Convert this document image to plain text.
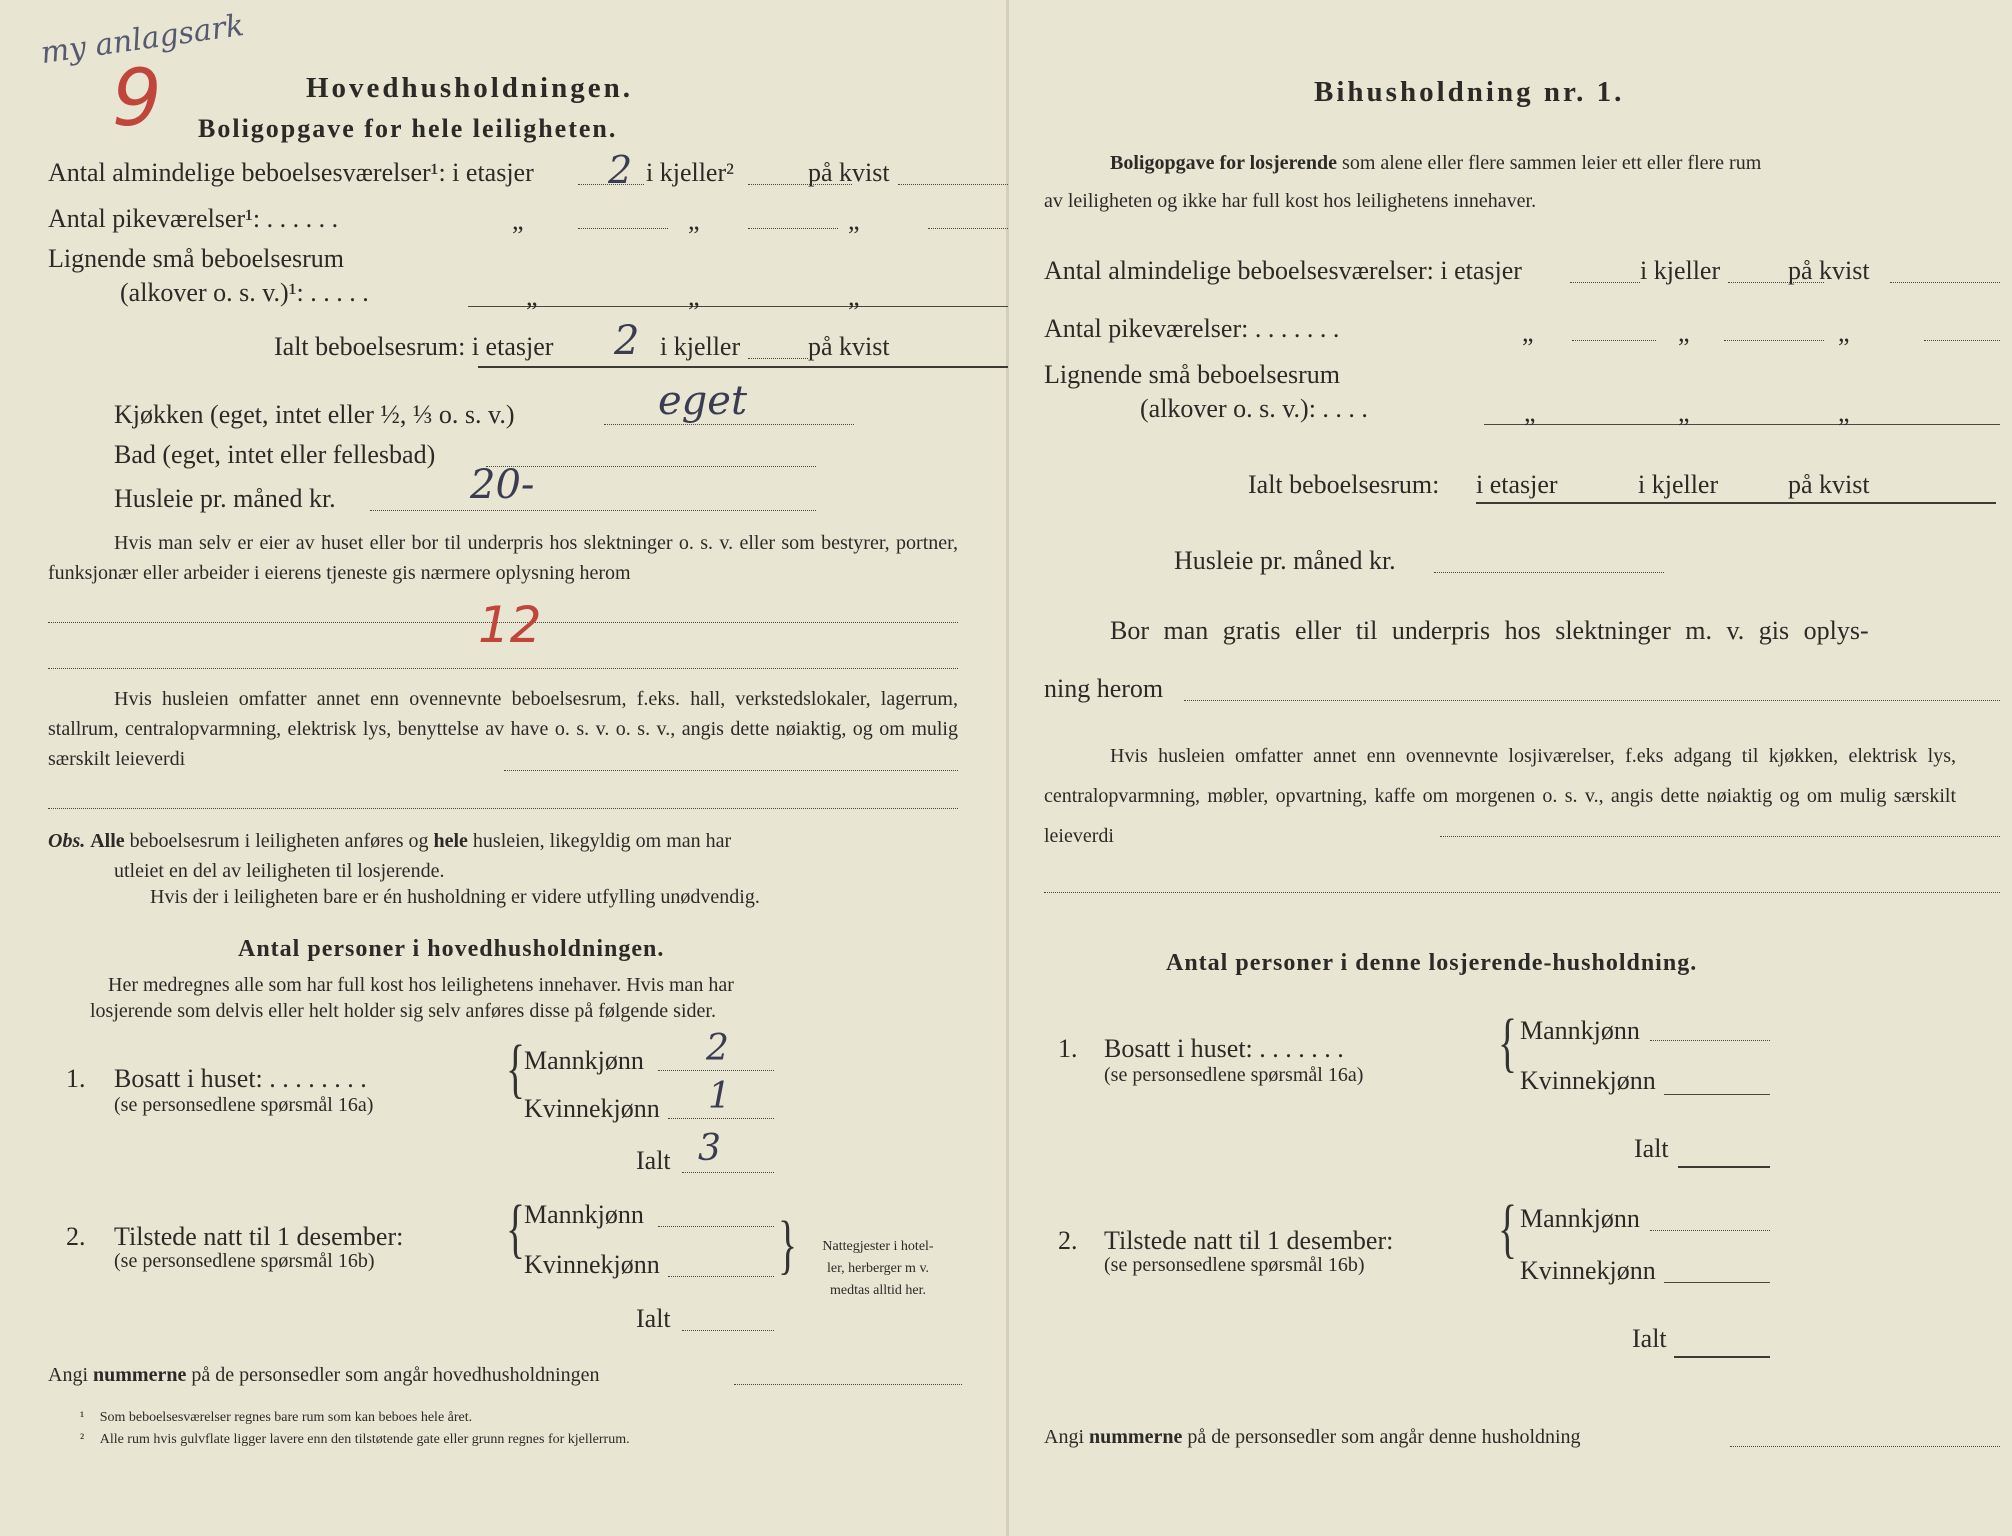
my anlagsark
9	Hovedhusholdningen.
Boligopgave for hele leiligheten.
Antal almindelige beboelsesværelser¹: i etasjer 2 i kjeller²	på kvist
Antal pikeværelser¹: . . . . . .	„	„	„
Lignende små beboelsesrum
(alkover o. s. v.)¹: . . . . .	„	„	„
Ialt beboelsesrum: i etasjer 2 i kjeller	på kvist
Kjøkken (eget, intet eller ½, ⅓ o. s. v.)	eget
Bad (eget, intet eller fellesbad)
Husleie pr. måned kr.	20-
Hvis man selv er eier av huset eller bor til underpris hos slektninger o. s. v. eller som bestyrer, portner, funksjonær eller arbeider i eierens tjeneste gis nærmere oplysning herom
12
Hvis husleien omfatter annet enn ovennevnte beboelsesrum, f.eks. hall, verkstedslokaler, lagerrum, stallrum, centralopvarmning, elektrisk lys, benyttelse av have o. s. v. o. s. v., angis dette nøiaktig, og om mulig særskilt leieverdi
Obs. Alle beboelsesrum i leiligheten anføres og hele husleien, likegyldig om man har
utleiet en del av leiligheten til losjerende.
Hvis der i leiligheten bare er én husholdning er videre utfylling unødvendig.
Antal personer i hovedhusholdningen.
Her medregnes alle som har full kost hos leilighetens innehaver. Hvis man har
losjerende som delvis eller helt holder sig selv anføres disse på følgende sider.
1. Bosatt i huset: . . . . . . . .
(se personsedlene spørsmål 16a) {
Mannkjønn 2
Kvinnekjønn 1
Ialt 3
2. Tilstede natt til 1 desember:
(se personsedlene spørsmål 16b) {
Mannkjønn
Kvinnekjønn
Ialt
}	Nattegjester i hotel-
ler, herberger m v.
medtas alltid her.
Angi nummerne på de personsedler som angår hovedhusholdningen
¹ Som beboelsesværelser regnes bare rum som kan beboes hele året.
² Alle rum hvis gulvflate ligger lavere enn den tilstøtende gate eller grunn regnes for kjellerrum.
Bihusholdning nr. 1.
Boligopgave for losjerende som alene eller flere sammen leier ett eller flere rum
av leiligheten og ikke har full kost hos leilighetens innehaver.
Antal almindelige beboelsesværelser: i etasjer	i kjeller	på kvist
Antal pikeværelser: . . . . . . .	„	„	„
Lignende små beboelsesrum
(alkover o. s. v.): . . . .	„	„	„
Ialt beboelsesrum: i etasjer	i kjeller	på kvist
Husleie pr. måned kr.
Bor man gratis eller til underpris hos slektninger m. v. gis oplys-
ning herom
Hvis husleien omfatter annet enn ovennevnte losjiværelser, f.eks adgang til kjøkken, elektrisk lys, centralopvarmning, møbler, opvartning, kaffe om morgenen o. s. v., angis dette nøiaktig og om mulig særskilt leieverdi
Antal personer i denne losjerende-husholdning.
1. Bosatt i huset: . . . . . . .
(se personsedlene spørsmål 16a) { Mannkjønn
Kvinnekjønn
Ialt
2. Tilstede natt til 1 desember:
(se personsedlene spørsmål 16b) { Mannkjønn
Kvinnekjønn
Ialt
Angi nummerne på de personsedler som angår denne husholdning
